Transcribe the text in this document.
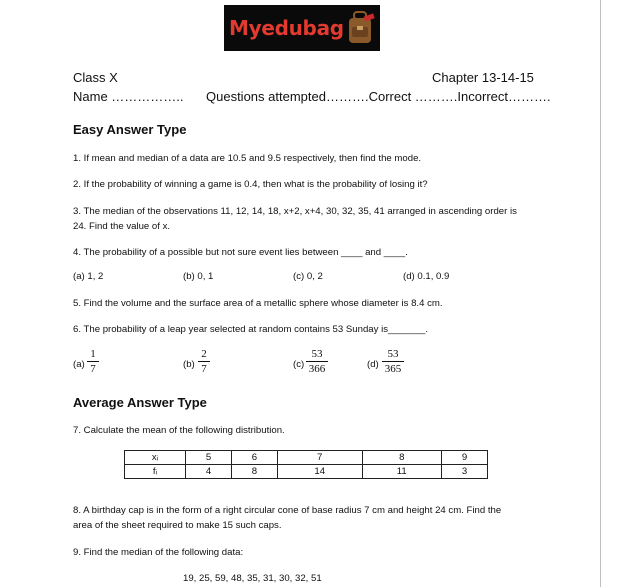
Myedubag
Class X	Chapter 13-14-15
Name …………….. Questions attempted……….Correct ……….Incorrect……….
Easy Answer Type
1. If mean and median of a data are 10.5 and 9.5 respectively, then find the mode.
2. If the probability of winning a game is 0.4, then what is the probability of losing it?
3. The median of the observations 11, 12, 14, 18, x+2, x+4, 30, 32, 35, 41 arranged in ascending order is
24. Find the value of x.
4. The probability of a possible but not sure event lies between ____ and ____.
(a) 1, 2	(b) 0, 1	(c) 0, 2	(d) 0.1, 0.9
5. Find the volume and the surface area of a metallic sphere whose diameter is 8.4 cm.
6. The probability of a leap year selected at random contains 53 Sunday is_______.
(a)
1
7	(b)
2
7	(c)
53
366	(d)
53
365
Average Answer Type
7. Calculate the mean of the following distribution.
xᵢ	5	6	7	8	9
fᵢ	4	8	14	11	3
8. A birthday cap is in the form of a right circular cone of base radius 7 cm and height 24 cm. Find the
area of the sheet required to make 15 such caps.
9. Find the median of the following data:
19, 25, 59, 48, 35, 31, 30, 32, 51
